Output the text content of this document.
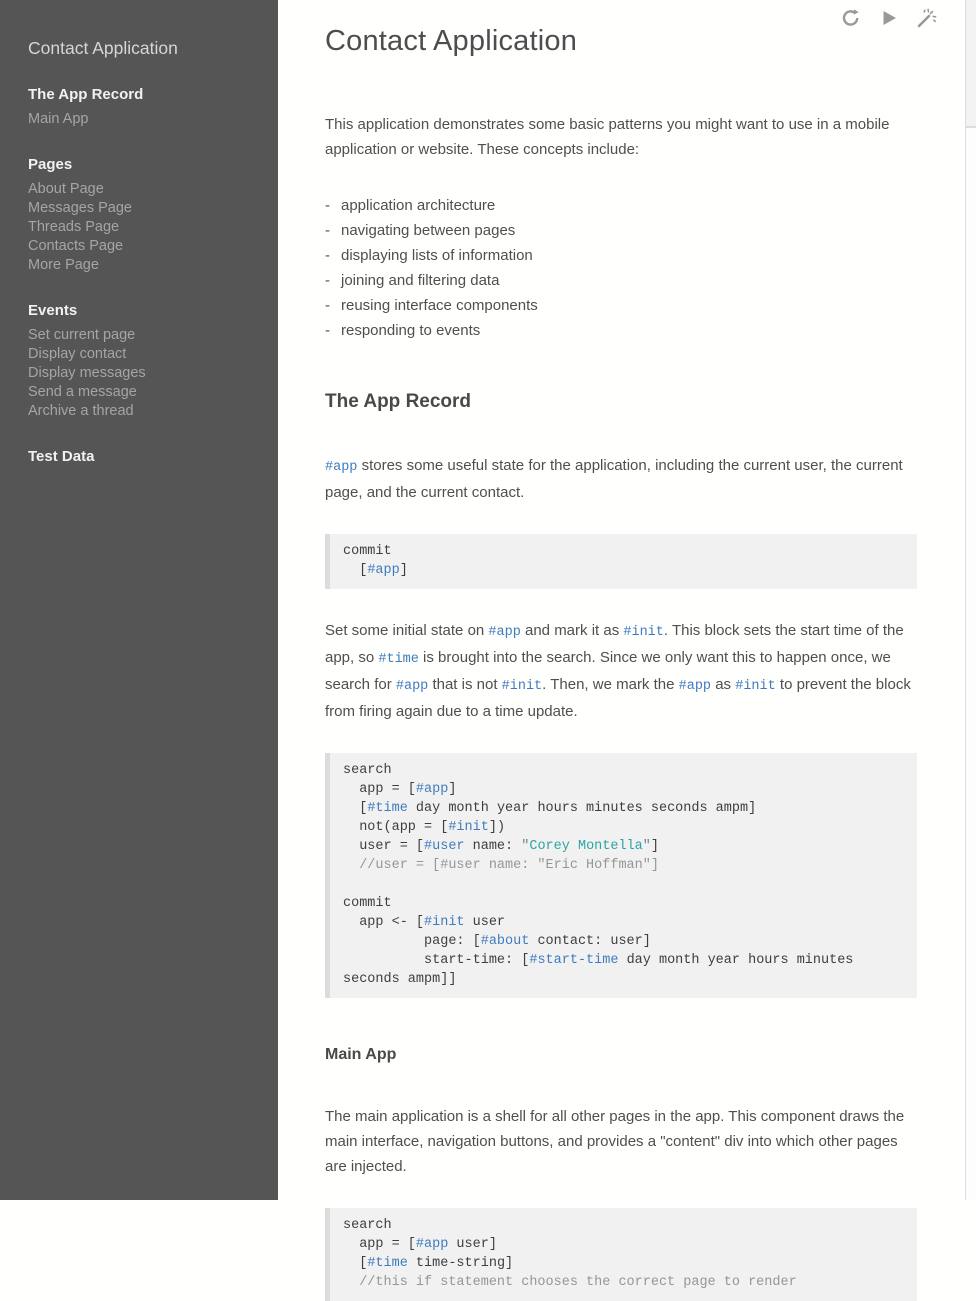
Contact Application
The App Record
Main App
Pages
About Page
Messages Page
Threads Page
Contacts Page
More Page
Events
Set current page
Display contact
Display messages
Send a message
Archive a thread
Test Data
Contact Application

This application demonstrates some basic patterns you might want to use in a mobile application or website. These concepts include:

- application architecture
- navigating between pages
- displaying lists of information
- joining and filtering data
- reusing interface components
- responding to events
The App Record

#app stores some useful state for the application, including the current user, the current page, and the current contact.

commit
[#app]

Set some initial state on #app and mark it as #init. This block sets the start time of the app, so #time is brought into the search. Since we only want this to happen once, we search for #app that is not #init. Then, we mark the #app as #init to prevent the block from firing again due to a time update.

search
app = [#app]
[#time day month year hours minutes seconds ampm]
not(app = [#init])
user = [#user name: "Corey Montella"]
//user = [#user name: "Eric Hoffman"]

commit
app <- [#init user
page: [#about contact: user]
start-time: [#start-time day month year hours minutes
seconds ampm]]
Main App

The main application is a shell for all other pages in the app. This component draws the main interface, navigation buttons, and provides a "content" div into which other pages are injected.

search
app = [#app user]
[#time time-string]
//this if statement chooses the correct page to render
